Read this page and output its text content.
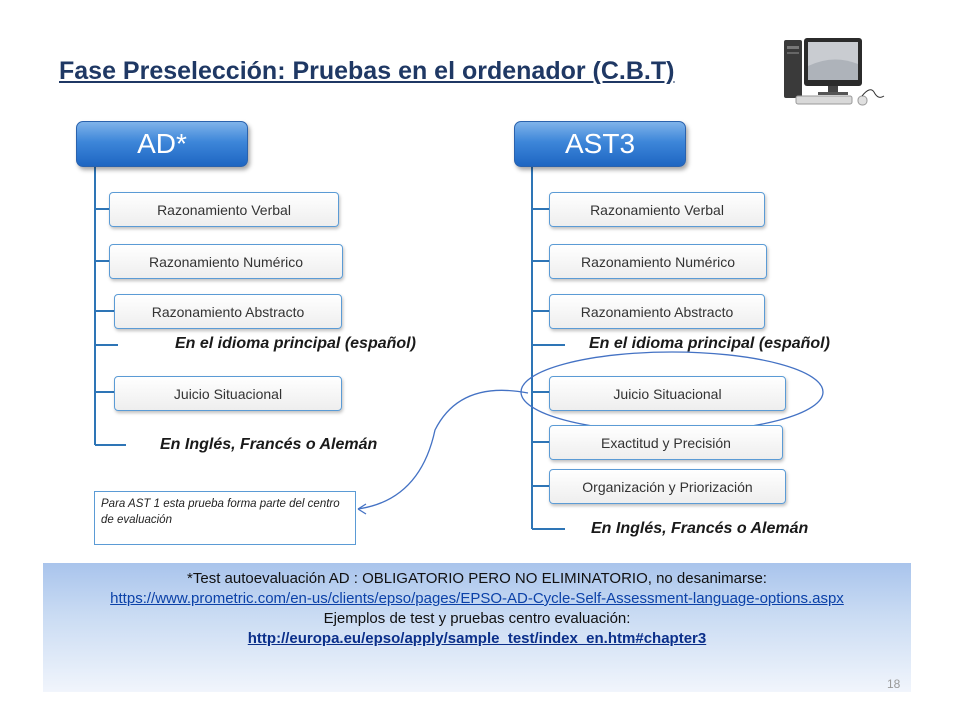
Fase Preselección: Pruebas en el ordenador (C.B.T)
AD*
Razonamiento Verbal
Razonamiento Numérico
Razonamiento Abstracto
En el idioma principal (español)
Juicio Situacional
En Inglés, Francés o Alemán
AST3
Razonamiento Verbal
Razonamiento Numérico
Razonamiento Abstracto
En el idioma principal (español)
Juicio Situacional
Exactitud y Precisión
Organización y Priorización
En Inglés, Francés o Alemán
Para AST 1 esta prueba forma parte del centro de evaluación
*Test autoevaluación AD : OBLIGATORIO PERO NO ELIMINATORIO, no desanimarse:
https://www.prometric.com/en-us/clients/epso/pages/EPSO-AD-Cycle-Self-Assessment-language-options.aspx
Ejemplos de test y pruebas centro evaluación:
http://europa.eu/epso/apply/sample_test/index_en.htm#chapter3
18
